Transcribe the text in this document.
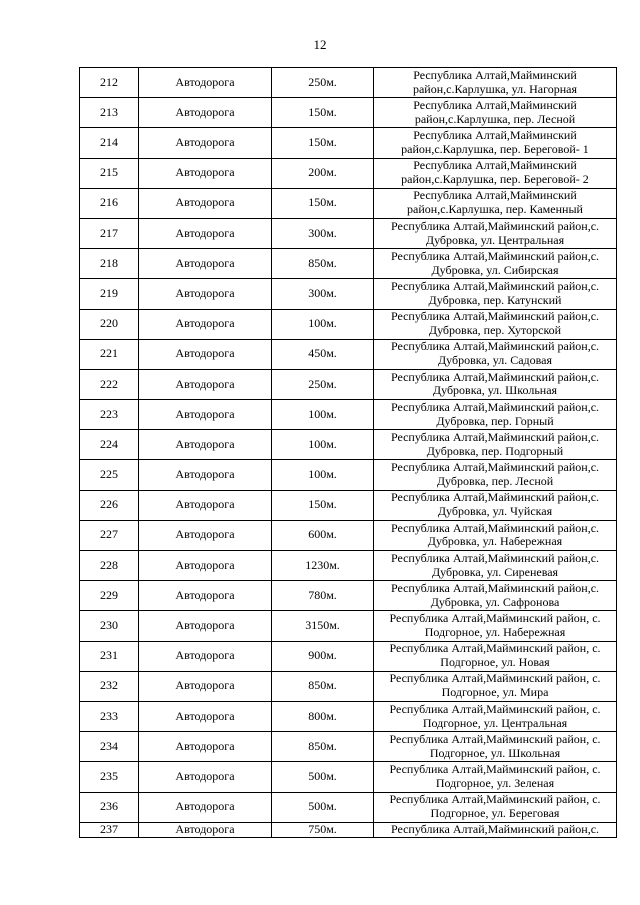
12
212	Автодорога	250м.	Республика Алтай,Майминский
район,с.Карлушка, ул. Нагорная

213	Автодорога	150м.	Республика Алтай,Майминский
район,с.Карлушка, пер. Лесной

214	Автодорога	150м.	Республика Алтай,Майминский
район,с.Карлушка, пер. Береговой- 1

215	Автодорога	200м.	Республика Алтай,Майминский
район,с.Карлушка, пер. Береговой- 2

216	Автодорога	150м.	Республика Алтай,Майминский
район,с.Карлушка, пер. Каменный

217	Автодорога	300м.	Республика Алтай,Майминский район,с.
Дубровка, ул. Центральная

218	Автодорога	850м.	Республика Алтай,Майминский район,с.
Дубровка, ул. Сибирская

219	Автодорога	300м.	Республика Алтай,Майминский район,с.
Дубровка, пер. Катунский

220	Автодорога	100м.	Республика Алтай,Майминский район,с.
Дубровка, пер. Хуторской

221	Автодорога	450м.	Республика Алтай,Майминский район,с.
Дубровка, ул. Садовая

222	Автодорога	250м.	Республика Алтай,Майминский район,с.
Дубровка, ул. Школьная

223	Автодорога	100м.	Республика Алтай,Майминский район,с.
Дубровка, пер. Горный

224	Автодорога	100м.	Республика Алтай,Майминский район,с.
Дубровка, пер. Подгорный

225	Автодорога	100м.	Республика Алтай,Майминский район,с.
Дубровка, пер. Лесной

226	Автодорога	150м.	Республика Алтай,Майминский район,с.
Дубровка, ул. Чуйская

227	Автодорога	600м.	Республика Алтай,Майминский район,с.
Дубровка, ул. Набережная

228	Автодорога	1230м.	Республика Алтай,Майминский район,с.
Дубровка, ул. Сиреневая

229	Автодорога	780м.	Республика Алтай,Майминский район,с.
Дубровка, ул. Сафронова

230	Автодорога	3150м.	Республика Алтай,Майминский район, с.
Подгорное, ул. Набережная

231	Автодорога	900м.	Республика Алтай,Майминский район, с.
Подгорное, ул. Новая

232	Автодорога	850м.	Республика Алтай,Майминский район, с.
Подгорное, ул. Мира

233	Автодорога	800м.	Республика Алтай,Майминский район, с.
Подгорное, ул. Центральная

234	Автодорога	850м.	Республика Алтай,Майминский район, с.
Подгорное, ул. Школьная

235	Автодорога	500м.	Республика Алтай,Майминский район, с.
Подгорное, ул. Зеленая

236	Автодорога	500м.	Республика Алтай,Майминский район, с.
Подгорное, ул. Береговая

237	Автодорога	750м.	Республика Алтай,Майминский район,с.
